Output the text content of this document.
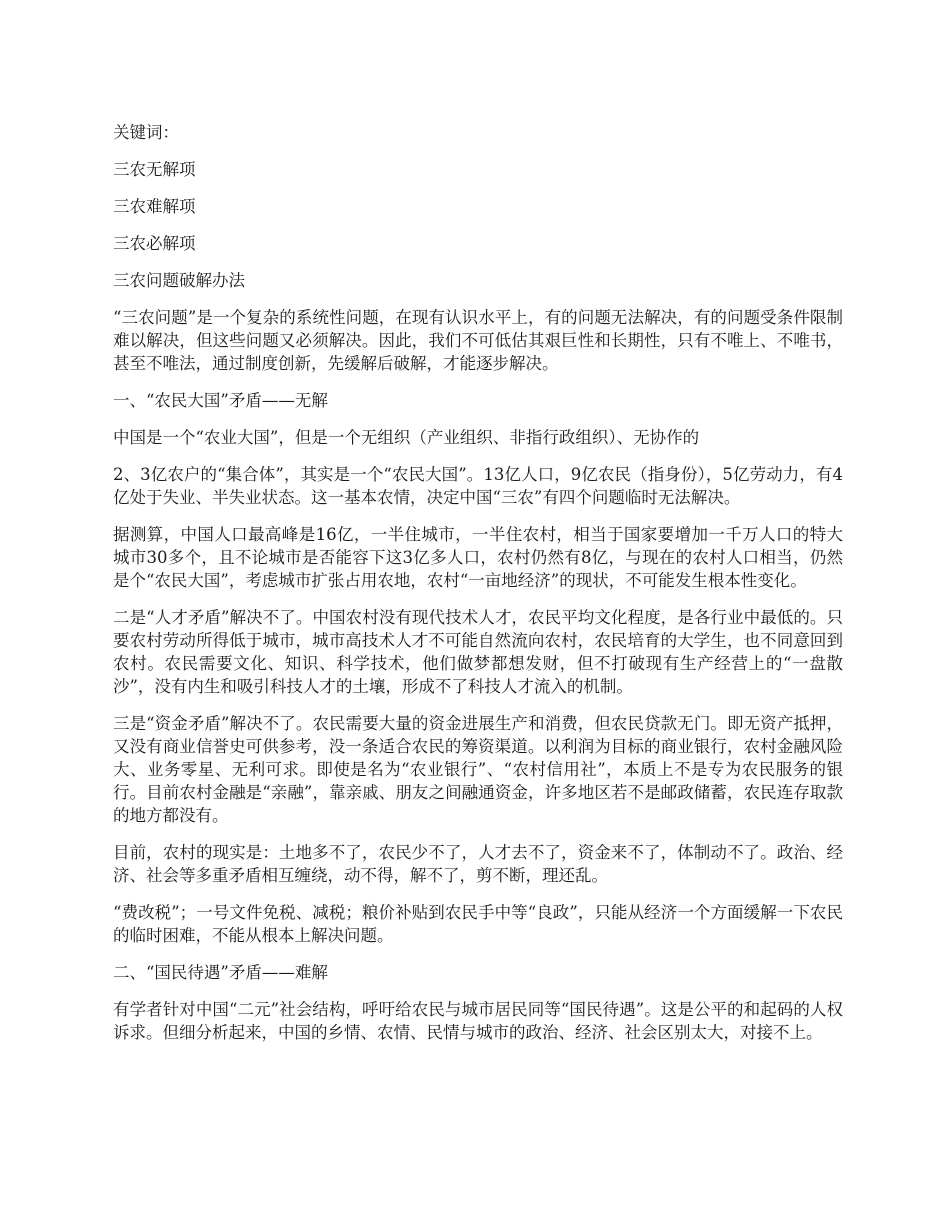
关键词：

三农无解项

三农难解项

三农必解项

三农问题破解办法

“三农问题”是一个复杂的系统性问题，在现有认识水平上，有的问题无法解决，有的问题受条件限制难以解决，但这些问题又必须解决。因此，我们不可低估其艰巨性和长期性，只有不唯上、不唯书，甚至不唯法，通过制度创新，先缓解后破解，才能逐步解决。

一、“农民大国”矛盾——无解

中国是一个“农业大国”，但是一个无组织（产业组织、非指行政组织）、无协作的

2、3亿农户的“集合体”，其实是一个“农民大国”。13亿人口，9亿农民（指身份），5亿劳动力，有4亿处于失业、半失业状态。这一基本农情，决定中国“三农”有四个问题临时无法解决。

据测算，中国人口最高峰是16亿，一半住城市，一半住农村，相当于国家要增加一千万人口的特大城市30多个，且不论城市是否能容下这3亿多人口，农村仍然有8亿，与现在的农村人口相当，仍然是个“农民大国”，考虑城市扩张占用农地，农村“一亩地经济”的现状，不可能发生根本性变化。

二是“人才矛盾”解决不了。中国农村没有现代技术人才，农民平均文化程度，是各行业中最低的。只要农村劳动所得低于城市，城市高技术人才不可能自然流向农村，农民培育的大学生，也不同意回到农村。农民需要文化、知识、科学技术，他们做梦都想发财，但不打破现有生产经营上的“一盘散沙”，没有内生和吸引科技人才的土壤，形成不了科技人才流入的机制。

三是“资金矛盾”解决不了。农民需要大量的资金进展生产和消费，但农民贷款无门。即无资产抵押，又没有商业信誉史可供参考，没一条适合农民的筹资渠道。以利润为目标的商业银行，农村金融风险大、业务零星、无利可求。即使是名为“农业银行”、“农村信用社”，本质上不是专为农民服务的银行。目前农村金融是“亲融”，靠亲戚、朋友之间融通资金，许多地区若不是邮政储蓄，农民连存取款的地方都没有。

目前，农村的现实是：土地多不了，农民少不了，人才去不了，资金来不了，体制动不了。政治、经济、社会等多重矛盾相互缠绕，动不得，解不了，剪不断，理还乱。

“费改税”；一号文件免税、减税；粮价补贴到农民手中等“良政”，只能从经济一个方面缓解一下农民的临时困难，不能从根本上解决问题。

二、“国民待遇”矛盾——难解

有学者针对中国“二元”社会结构，呼吁给农民与城市居民同等“国民待遇”。这是公平的和起码的人权诉求。但细分析起来，中国的乡情、农情、民情与城市的政治、经济、社会区别太大，对接不上。
